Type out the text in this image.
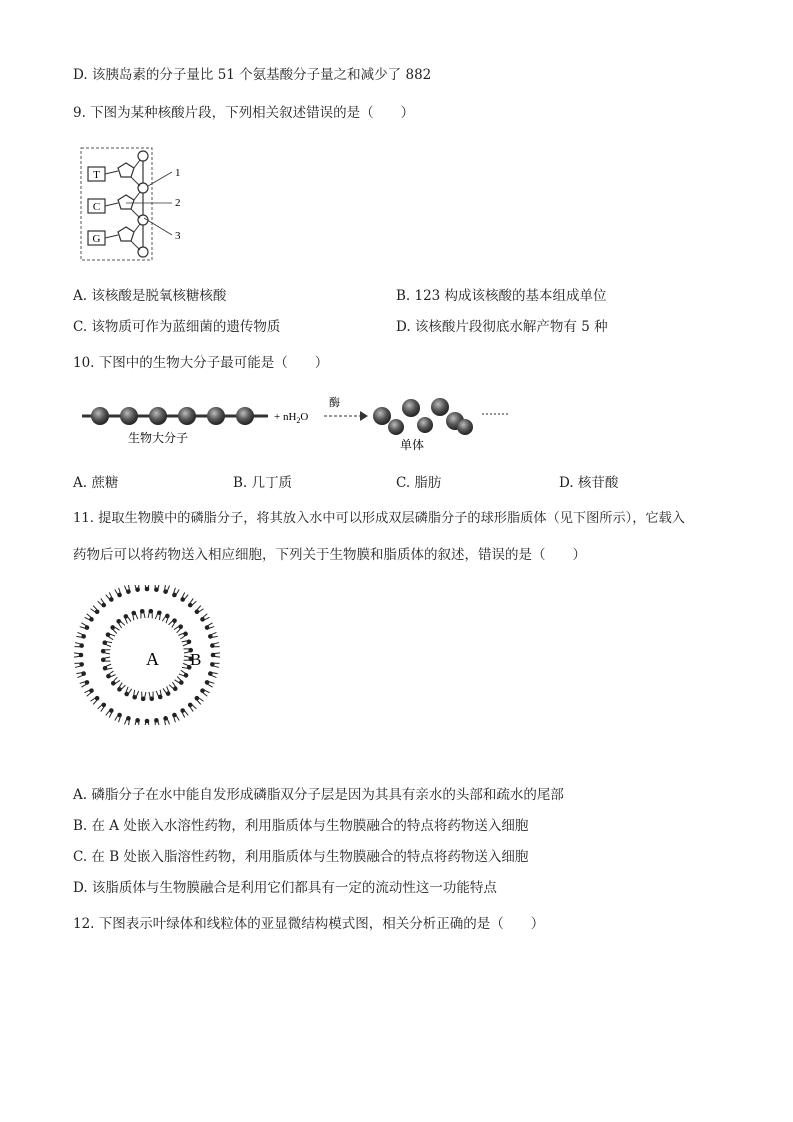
D. 该胰岛素的分子量比 51 个氨基酸分子量之和减少了 882
9. 下图为某种核酸片段，下列相关叙述错误的是（　　）
T
C
G
1
2
3
A. 该核酸是脱氧核糖核酸	B. 123 构成该核酸的基本组成单位
C. 该物质可作为蓝细菌的遗传物质	D. 该核酸片段彻底水解产物有 5 种
10. 下图中的生物大分子最可能是（　　）
生物大分子
+ $nH_2O$
酶
单体
A. 蔗糖	B. 几丁质	C. 脂肪	D. 核苷酸
11. 提取生物膜中的磷脂分子，将其放入水中可以形成双层磷脂分子的球形脂质体（见下图所示），它载入
药物后可以将药物送入相应细胞，下列关于生物膜和脂质体的叙述，错误的是（　　）
A B
A. 磷脂分子在水中能自发形成磷脂双分子层是因为其具有亲水的头部和疏水的尾部
B. 在 A 处嵌入水溶性药物，利用脂质体与生物膜融合的特点将药物送入细胞
C. 在 B 处嵌入脂溶性药物，利用脂质体与生物膜融合的特点将药物送入细胞
D. 该脂质体与生物膜融合是利用它们都具有一定的流动性这一功能特点
12. 下图表示叶绿体和线粒体的亚显微结构模式图，相关分析正确的是（　　）
